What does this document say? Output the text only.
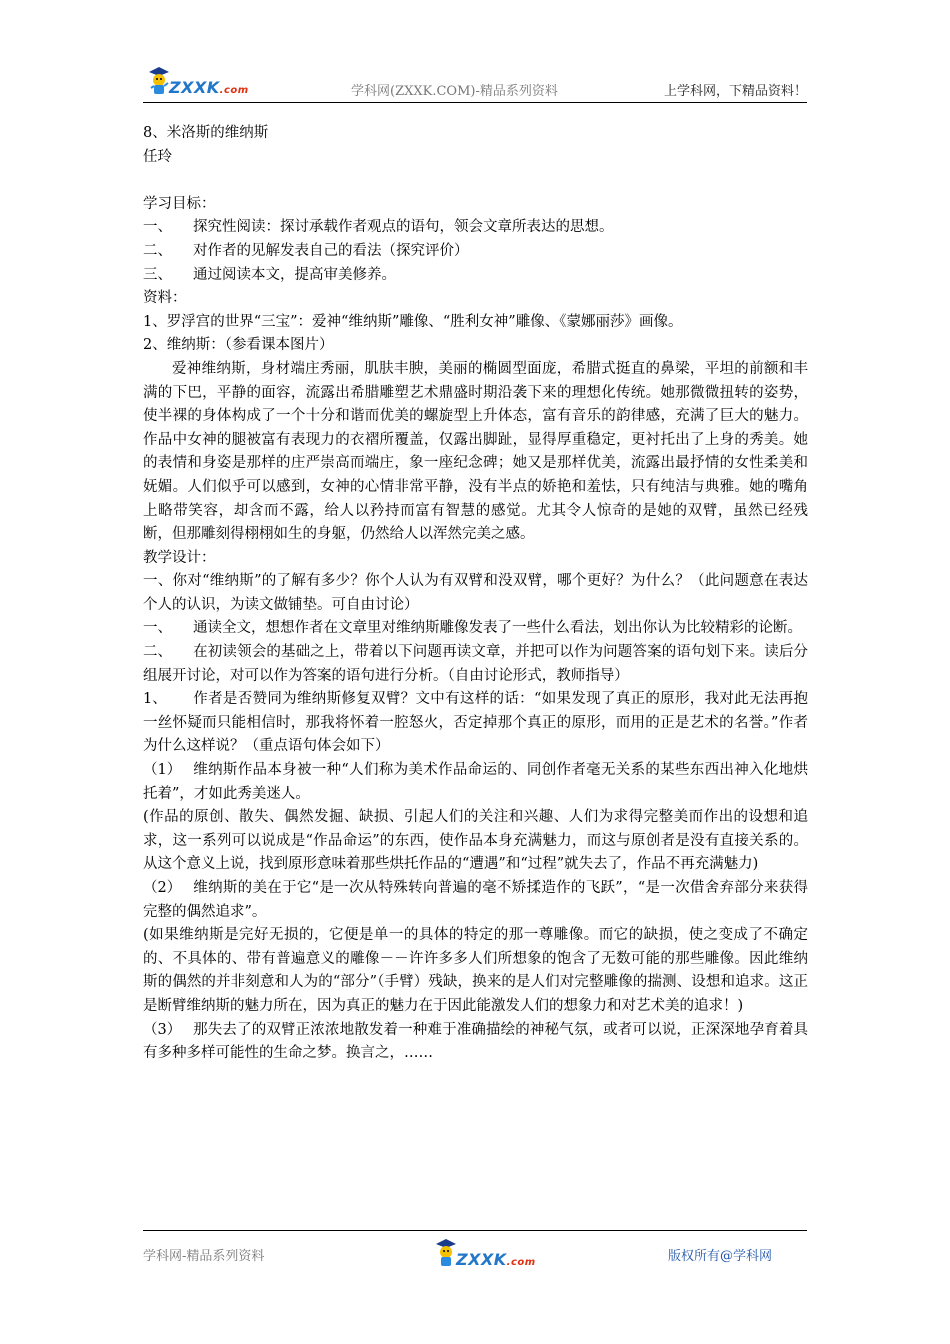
ZXXK.com	学科网(ZXXK.COM)-精品系列资料	上学科网，下精品资料！

8、米洛斯的维纳斯

任玲

学习目标：

一、 探究性阅读：探讨承载作者观点的语句，领会文章所表达的思想。

二、 对作者的见解发表自己的看法（探究评价）

三、 通过阅读本文，提高审美修养。

资料：

1、罗浮宫的世界“三宝”：爱神“维纳斯”雕像、“胜利女神”雕像、《蒙娜丽莎》画像。

2、维纳斯：（参看课本图片）

爱神维纳斯，身材端庄秀丽，肌肤丰腴，美丽的椭圆型面庞，希腊式挺直的鼻梁，平坦的前额和丰满的下巴，平静的面容，流露出希腊雕塑艺术鼎盛时期沿袭下来的理想化传统。她那微微扭转的姿势，使半裸的身体构成了一个十分和谐而优美的螺旋型上升体态，富有音乐的韵律感，充满了巨大的魅力。作品中女神的腿被富有表现力的衣褶所覆盖，仅露出脚趾，显得厚重稳定，更衬托出了上身的秀美。她的表情和身姿是那样的庄严崇高而端庄，象一座纪念碑；她又是那样优美，流露出最抒情的女性柔美和妩媚。人们似乎可以感到，女神的心情非常平静，没有半点的娇艳和羞怯，只有纯洁与典雅。她的嘴角上略带笑容，却含而不露，给人以矜持而富有智慧的感觉。尤其令人惊奇的是她的双臂，虽然已经残断，但那雕刻得栩栩如生的身躯，仍然给人以浑然完美之感。

教学设计：

一、你对“维纳斯”的了解有多少？你个人认为有双臂和没双臂，哪个更好？为什么？（此问题意在表达个人的认识，为读文做铺垫。可自由讨论）

一、 通读全文，想想作者在文章里对维纳斯雕像发表了一些什么看法，划出你认为比较精彩的论断。

二、 在初读领会的基础之上，带着以下问题再读文章，并把可以作为问题答案的语句划下来。读后分组展开讨论，对可以作为答案的语句进行分析。（自由讨论形式，教师指导）

1、 作者是否赞同为维纳斯修复双臂？文中有这样的话：“如果发现了真正的原形，我对此无法再抱一丝怀疑而只能相信时，那我将怀着一腔怒火，否定掉那个真正的原形，而用的正是艺术的名誉。”作者为什么这样说？（重点语句体会如下）

（1） 维纳斯作品本身被一种“人们称为美术作品命运的、同创作者毫无关系的某些东西出神入化地烘托着”，才如此秀美迷人。

(作品的原创、散失、偶然发掘、缺损、引起人们的关注和兴趣、人们为求得完整美而作出的设想和追求，这一系列可以说成是“作品命运”的东西，使作品本身充满魅力，而这与原创者是没有直接关系的。从这个意义上说，找到原形意味着那些烘托作品的“遭遇”和“过程”就失去了，作品不再充满魅力)

（2） 维纳斯的美在于它“是一次从特殊转向普遍的毫不矫揉造作的飞跃”，“是一次借舍弃部分来获得完整的偶然追求”。

(如果维纳斯是完好无损的，它便是单一的具体的特定的那一尊雕像。而它的缺损，使之变成了不确定的、不具体的、带有普遍意义的雕像－－许许多多人们所想象的饱含了无数可能的那些雕像。因此维纳斯的偶然的并非刻意和人为的“部分”（手臂）残缺，换来的是人们对完整雕像的揣测、设想和追求。这正是断臂维纳斯的魅力所在，因为真正的魅力在于因此能激发人们的想象力和对艺术美的追求！)

（3） 那失去了的双臂正浓浓地散发着一种难于准确描绘的神秘气氛，或者可以说，正深深地孕育着具有多种多样可能性的生命之梦。换言之，……

学科网-精品系列资料	ZXXK.com	版权所有@学科网
